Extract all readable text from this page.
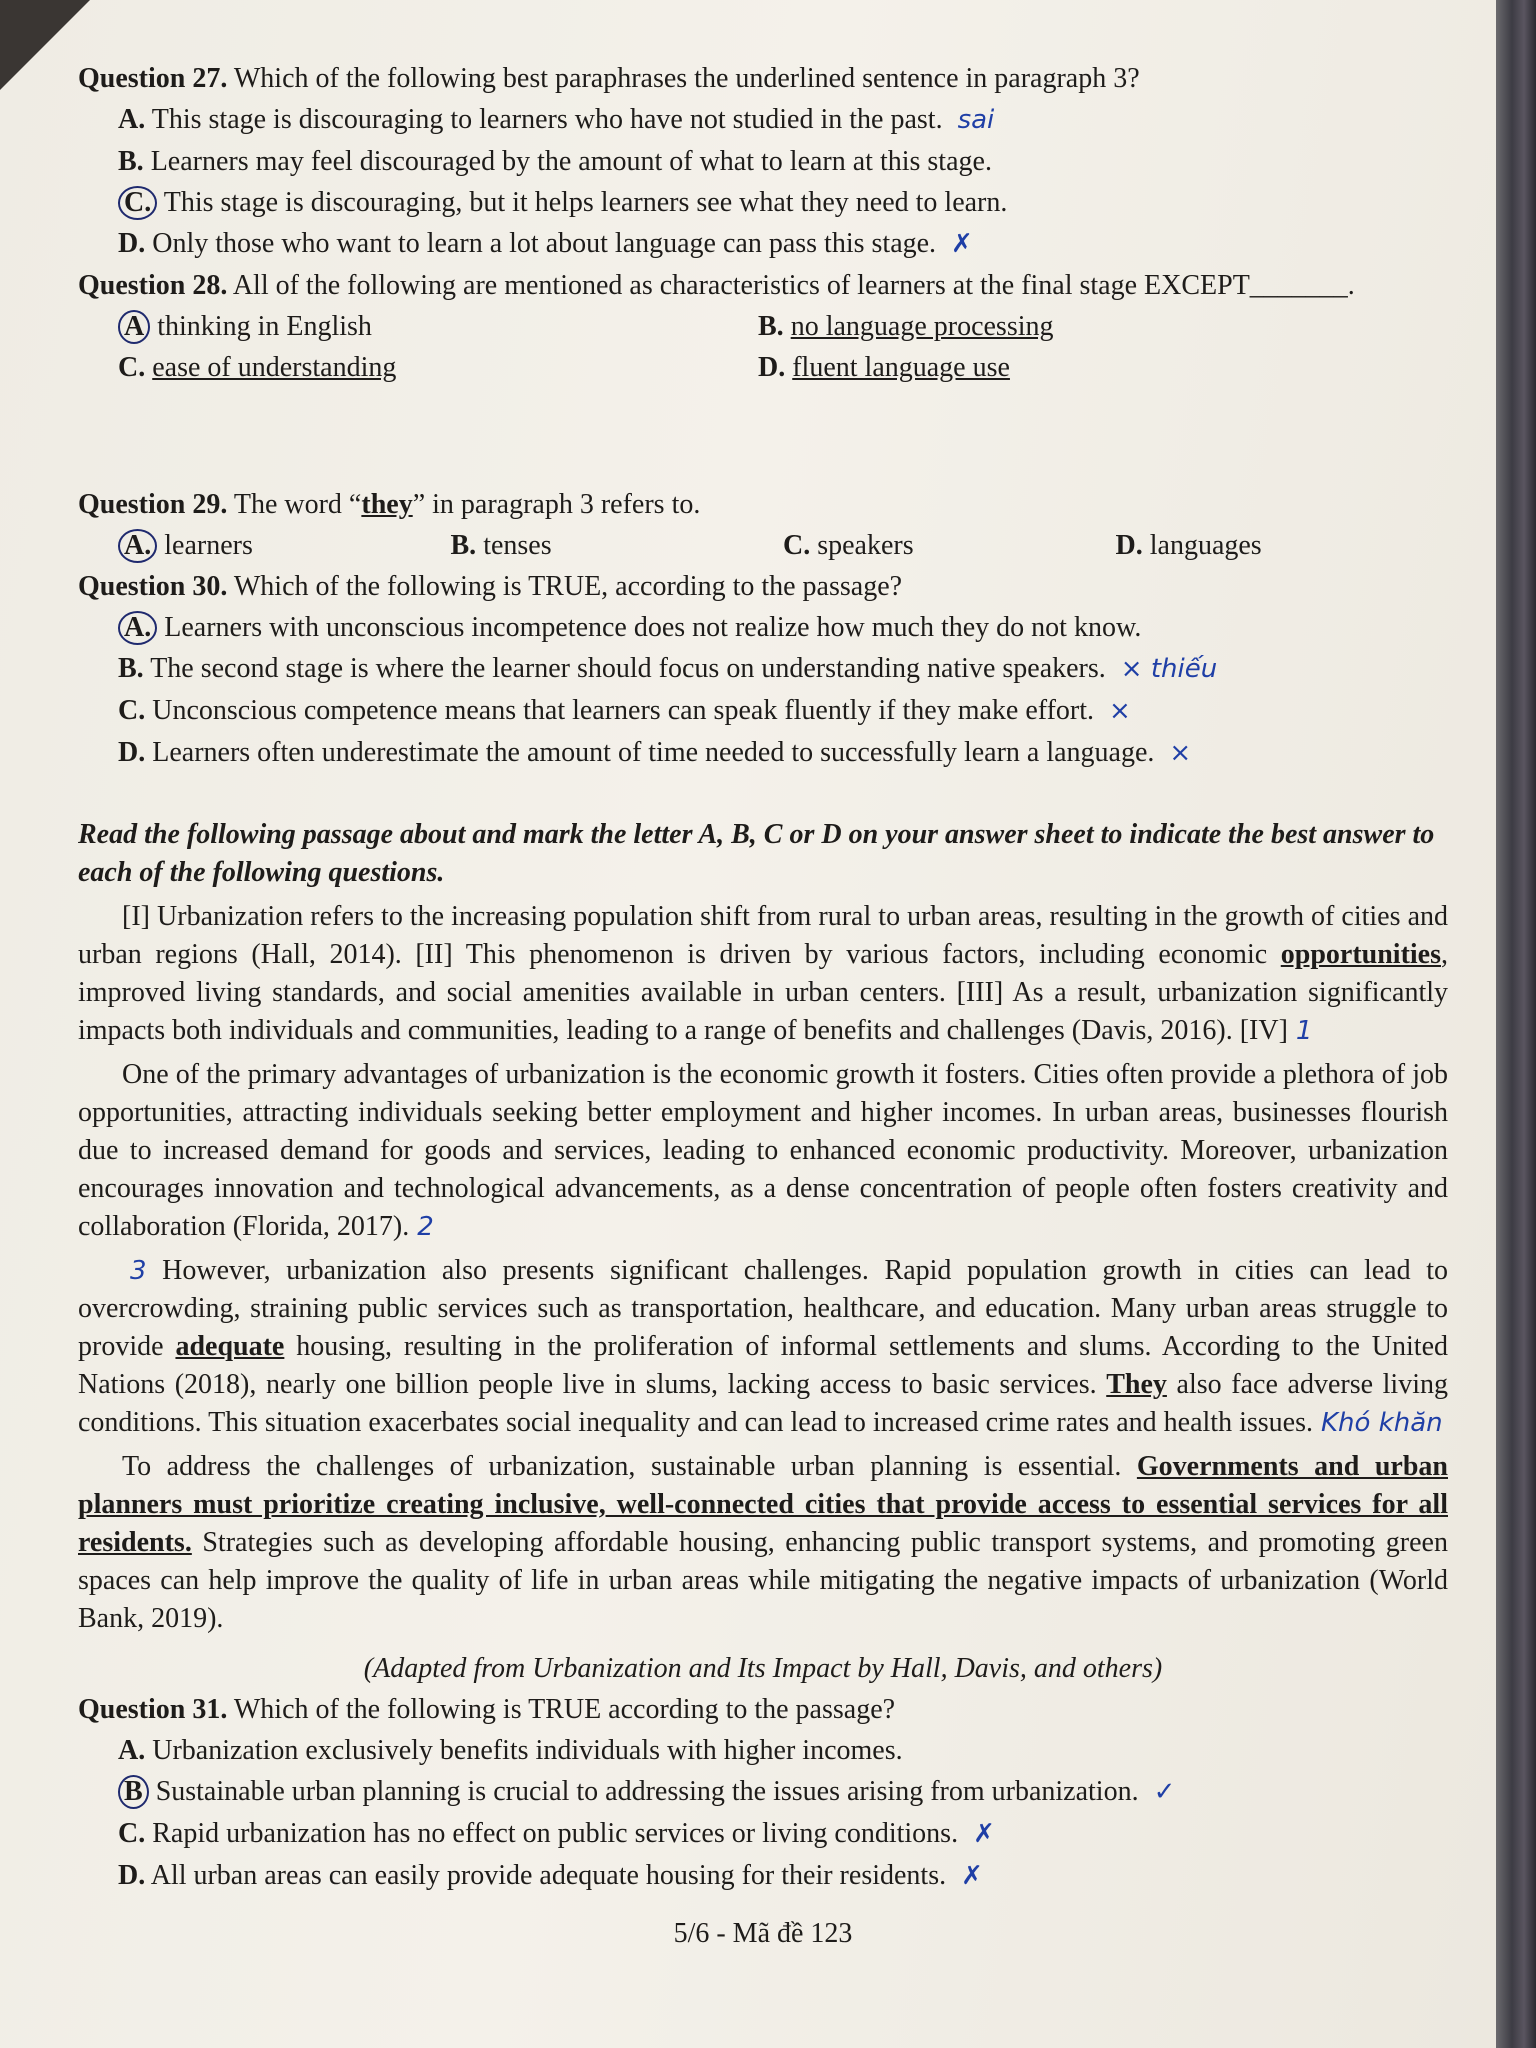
Question 27. Which of the following best paraphrases the underlined sentence in paragraph 3?
A. This stage is discouraging to learners who have not studied in the past. sai
B. Learners may feel discouraged by the amount of what to learn at this stage.
C. This stage is discouraging, but it helps learners see what they need to learn.
D. Only those who want to learn a lot about language can pass this stage. ✗
Question 28. All of the following are mentioned as characteristics of learners at the final stage EXCEPT_______.
A thinking in English	B. no language processing
C. ease of understanding	D. fluent language use
Question 29. The word “they” in paragraph 3 refers to.
A. learners	B. tenses	C. speakers	D. languages
Question 30. Which of the following is TRUE, according to the passage?
A. Learners with unconscious incompetence does not realize how much they do not know.
B. The second stage is where the learner should focus on understanding native speakers. × thiếu
C. Unconscious competence means that learners can speak fluently if they make effort. ×
D. Learners often underestimate the amount of time needed to successfully learn a language. ×
Read the following passage about and mark the letter A, B, C or D on your answer sheet to indicate the best answer to each of the following questions.

[I] Urbanization refers to the increasing population shift from rural to urban areas, resulting in the growth of cities and urban regions (Hall, 2014). [II] This phenomenon is driven by various factors, including economic opportunities, improved living standards, and social amenities available in urban centers. [III] As a result, urbanization significantly impacts both individuals and communities, leading to a range of benefits and challenges (Davis, 2016). [IV] 1

One of the primary advantages of urbanization is the economic growth it fosters. Cities often provide a plethora of job opportunities, attracting individuals seeking better employment and higher incomes. In urban areas, businesses flourish due to increased demand for goods and services, leading to enhanced economic productivity. Moreover, urbanization encourages innovation and technological advancements, as a dense concentration of people often fosters creativity and collaboration (Florida, 2017). 2

3 However, urbanization also presents significant challenges. Rapid population growth in cities can lead to overcrowding, straining public services such as transportation, healthcare, and education. Many urban areas struggle to provide adequate housing, resulting in the proliferation of informal settlements and slums. According to the United Nations (2018), nearly one billion people live in slums, lacking access to basic services. They also face adverse living conditions. This situation exacerbates social inequality and can lead to increased crime rates and health issues. Khó khăn

To address the challenges of urbanization, sustainable urban planning is essential. Governments and urban planners must prioritize creating inclusive, well-connected cities that provide access to essential services for all residents. Strategies such as developing affordable housing, enhancing public transport systems, and promoting green spaces can help improve the quality of life in urban areas while mitigating the negative impacts of urbanization (World Bank, 2019).

(Adapted from Urbanization and Its Impact by Hall, Davis, and others)
Question 31. Which of the following is TRUE according to the passage?
A. Urbanization exclusively benefits individuals with higher incomes.
B Sustainable urban planning is crucial to addressing the issues arising from urbanization. ✓
C. Rapid urbanization has no effect on public services or living conditions. ✗
D. All urban areas can easily provide adequate housing for their residents. ✗
5/6 - Mã đề 123
